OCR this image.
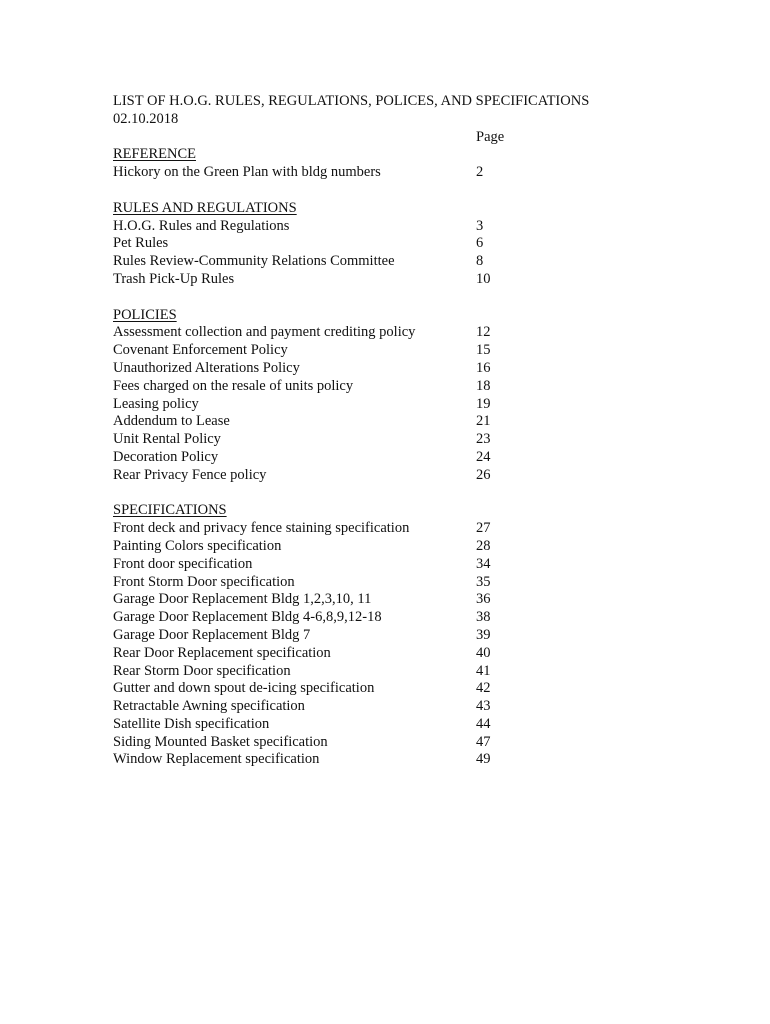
LIST OF H.O.G. RULES, REGULATIONS, POLICES, AND SPECIFICATIONS
02.10.2018
Page
REFERENCE
Hickory on the Green Plan with bldg numbers	2
RULES AND REGULATIONS
H.O.G. Rules and Regulations	3
Pet Rules	6
Rules Review-Community Relations Committee	8
Trash Pick-Up Rules	10
POLICIES
Assessment collection and payment crediting policy	12
Covenant Enforcement Policy	15
Unauthorized Alterations Policy	16
Fees charged on the resale of units policy	18
Leasing policy	19
Addendum to Lease	21
Unit Rental Policy	23
Decoration Policy	24
Rear Privacy Fence policy	26
SPECIFICATIONS
Front deck and privacy fence staining specification	27
Painting Colors specification	28
Front door specification	34
Front Storm Door specification	35
Garage Door Replacement Bldg 1,2,3,10, 11	36
Garage Door Replacement Bldg 4-6,8,9,12-18	38
Garage Door Replacement Bldg 7	39
Rear Door Replacement specification	40
Rear Storm Door specification	41
Gutter and down spout de-icing specification	42
Retractable Awning specification	43
Satellite Dish specification	44
Siding Mounted Basket specification	47
Window Replacement specification	49
